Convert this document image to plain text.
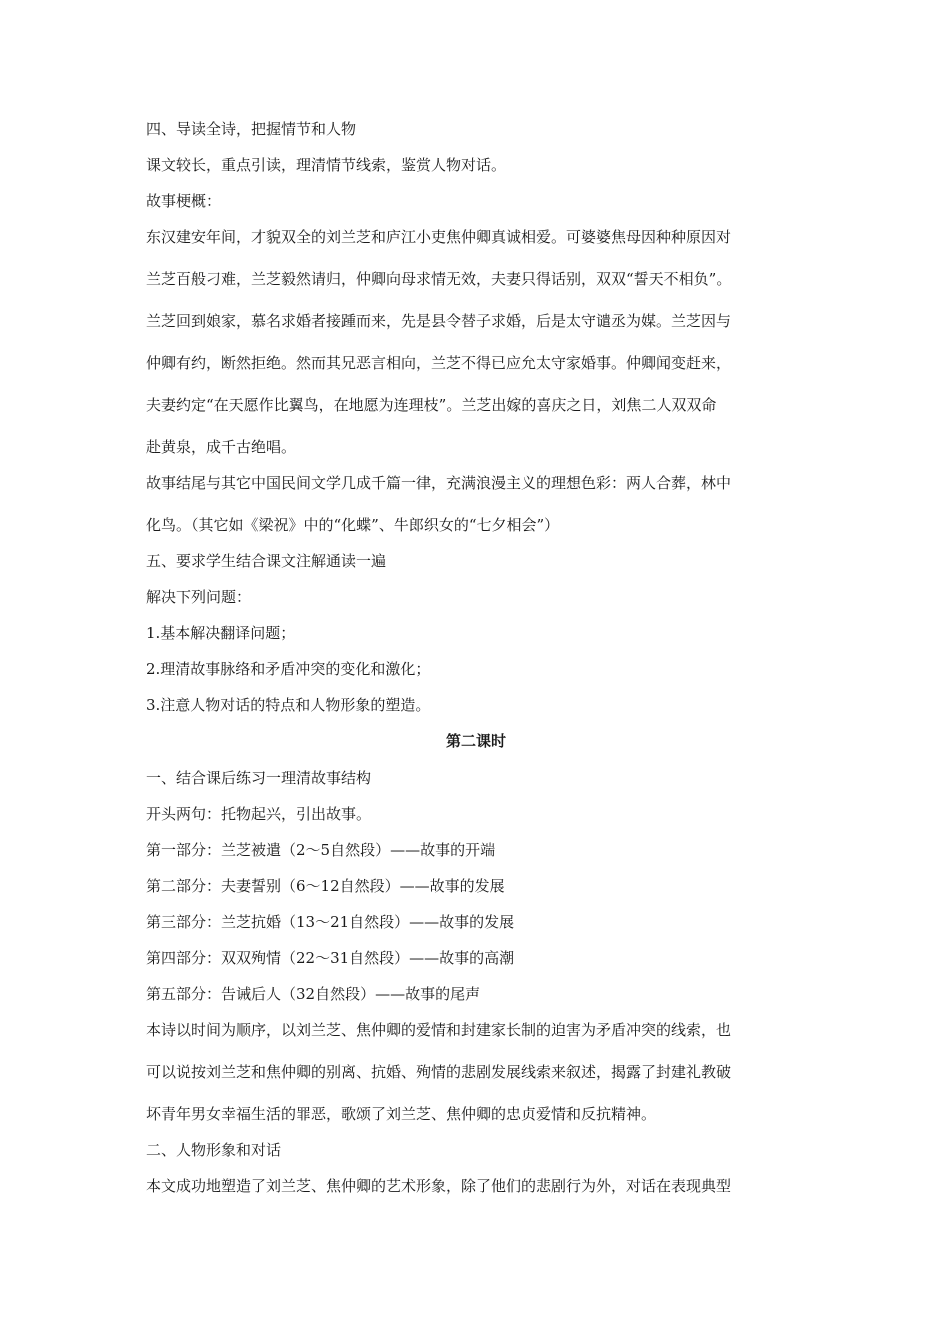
四、导读全诗，把握情节和人物

课文较长，重点引读，理清情节线索，鉴赏人物对话。

故事梗概：

东汉建安年间，才貌双全的刘兰芝和庐江小吏焦仲卿真诚相爱。可婆婆焦母因种种原因对

兰芝百般刁难，兰芝毅然请归，仲卿向母求情无效，夫妻只得话别，双双“誓天不相负”。

兰芝回到娘家，慕名求婚者接踵而来，先是县令替子求婚，后是太守谴丞为媒。兰芝因与

仲卿有约，断然拒绝。然而其兄恶言相向，兰芝不得已应允太守家婚事。仲卿闻变赶来，

夫妻约定“在天愿作比翼鸟，在地愿为连理枝”。兰芝出嫁的喜庆之日，刘焦二人双双命

赴黄泉，成千古绝唱。

故事结尾与其它中国民间文学几成千篇一律，充满浪漫主义的理想色彩：两人合葬，林中

化鸟。（其它如《梁祝》中的“化蝶”、牛郎织女的“七夕相会”）

五、要求学生结合课文注解通读一遍

解决下列问题：

1.基本解决翻译问题；

2.理清故事脉络和矛盾冲突的变化和激化；

3.注意人物对话的特点和人物形象的塑造。

第二课时

一、结合课后练习一理清故事结构

开头两句：托物起兴，引出故事。

第一部分：兰芝被遣（2～5自然段）——故事的开端

第二部分：夫妻誓别（6～12自然段）——故事的发展

第三部分：兰芝抗婚（13～21自然段）——故事的发展

第四部分：双双殉情（22～31自然段）——故事的高潮

第五部分：告诫后人（32自然段）——故事的尾声

本诗以时间为顺序，以刘兰芝、焦仲卿的爱情和封建家长制的迫害为矛盾冲突的线索，也

可以说按刘兰芝和焦仲卿的别离、抗婚、殉情的悲剧发展线索来叙述，揭露了封建礼教破

坏青年男女幸福生活的罪恶，歌颂了刘兰芝、焦仲卿的忠贞爱情和反抗精神。

二、人物形象和对话

本文成功地塑造了刘兰芝、焦仲卿的艺术形象，除了他们的悲剧行为外，对话在表现典型
